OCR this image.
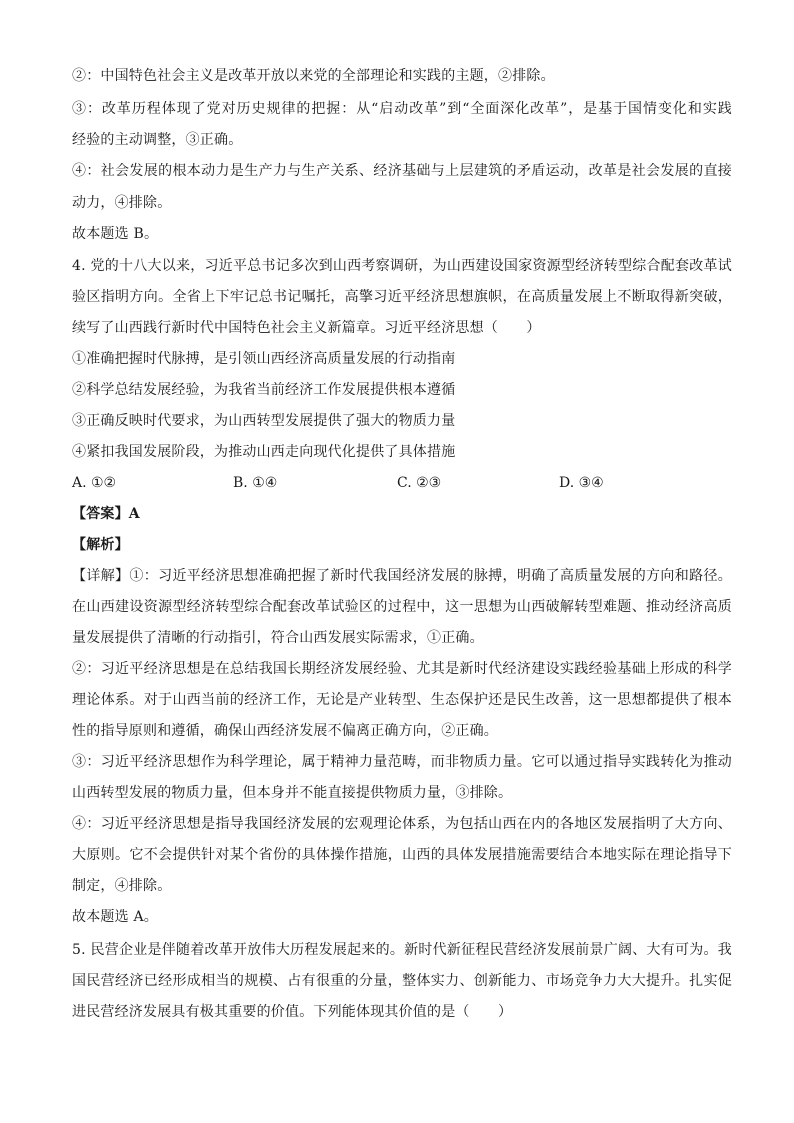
②：中国特色社会主义是改革开放以来党的全部理论和实践的主题，②排除。
③：改革历程体现了党对历史规律的把握：从“启动改革”到“全面深化改革”，是基于国情变化和实践
经验的主动调整，③正确。
④：社会发展的根本动力是生产力与生产关系、经济基础与上层建筑的矛盾运动，改革是社会发展的直接
动力，④排除。
故本题选 B。
4. 党的十八大以来，习近平总书记多次到山西考察调研，为山西建设国家资源型经济转型综合配套改革试
验区指明方向。全省上下牢记总书记嘱托，高擎习近平经济思想旗帜，在高质量发展上不断取得新突破，
续写了山西践行新时代中国特色社会主义新篇章。习近平经济思想（　　）
①准确把握时代脉搏，是引领山西经济高质量发展的行动指南
②科学总结发展经验，为我省当前经济工作发展提供根本遵循
③正确反映时代要求，为山西转型发展提供了强大的物质力量
④紧扣我国发展阶段，为推动山西走向现代化提供了具体措施
A. ①②	B. ①④	C. ②③	D. ③④
【答案】A
【解析】
【详解】①：习近平经济思想准确把握了新时代我国经济发展的脉搏，明确了高质量发展的方向和路径。
在山西建设资源型经济转型综合配套改革试验区的过程中，这一思想为山西破解转型难题、推动经济高质
量发展提供了清晰的行动指引，符合山西发展实际需求，①正确。
②：习近平经济思想是在总结我国长期经济发展经验、尤其是新时代经济建设实践经验基础上形成的科学
理论体系。对于山西当前的经济工作，无论是产业转型、生态保护还是民生改善，这一思想都提供了根本
性的指导原则和遵循，确保山西经济发展不偏离正确方向，②正确。
③：习近平经济思想作为科学理论，属于精神力量范畴，而非物质力量。它可以通过指导实践转化为推动
山西转型发展的物质力量，但本身并不能直接提供物质力量，③排除。
④：习近平经济思想是指导我国经济发展的宏观理论体系，为包括山西在内的各地区发展指明了大方向、
大原则。它不会提供针对某个省份的具体操作措施，山西的具体发展措施需要结合本地实际在理论指导下
制定，④排除。
故本题选 A。
5. 民营企业是伴随着改革开放伟大历程发展起来的。新时代新征程民营经济发展前景广阔、大有可为。我
国民营经济已经形成相当的规模、占有很重的分量，整体实力、创新能力、市场竞争力大大提升。扎实促
进民营经济发展具有极其重要的价值。下列能体现其价值的是（　　）
